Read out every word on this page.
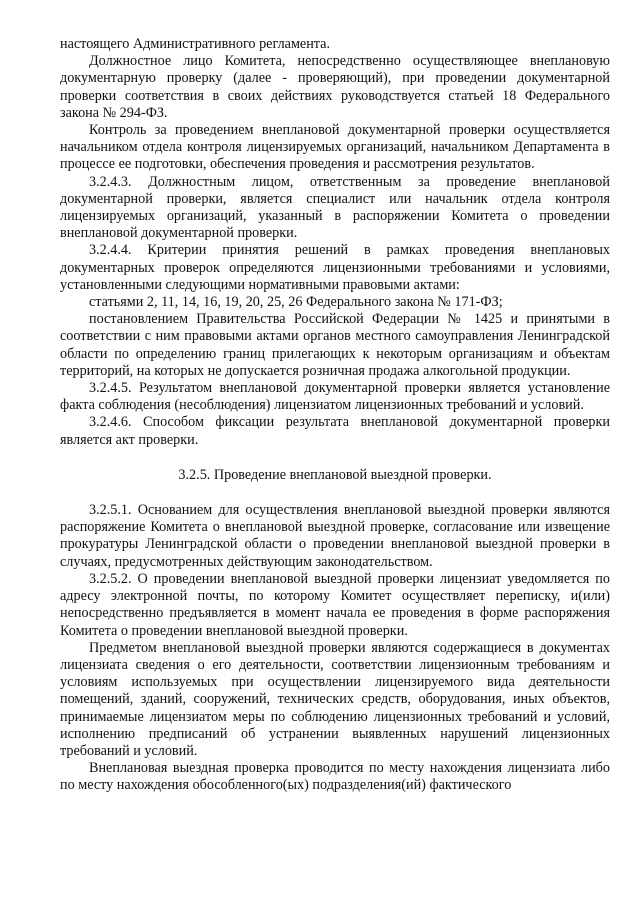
настоящего Административного регламента.

Должностное лицо Комитета, непосредственно осуществляющее внеплановую документарную проверку (далее - проверяющий), при проведении документарной проверки соответствия в своих действиях руководствуется статьей 18 Федерального закона № 294-ФЗ.

Контроль за проведением внеплановой документарной проверки осуществляется начальником отдела контроля лицензируемых организаций, начальником Департамента в процессе ее подготовки, обеспечения проведения и рассмотрения результатов.

3.2.4.3. Должностным лицом, ответственным за проведение внеплановой документарной проверки, является специалист или начальник отдела контроля лицензируемых организаций, указанный в распоряжении Комитета о проведении внеплановой документарной проверки.

3.2.4.4. Критерии принятия решений в рамках проведения внеплановых документарных проверок определяются лицензионными требованиями и условиями, установленными следующими нормативными правовыми актами:

статьями 2, 11, 14, 16, 19, 20, 25, 26 Федерального закона № 171-ФЗ;

постановлением Правительства Российской Федерации № 1425 и принятыми в соответствии с ним правовыми актами органов местного самоуправления Ленинградской области по определению границ прилегающих к некоторым организациям и объектам территорий, на которых не допускается розничная продажа алкогольной продукции.

3.2.4.5. Результатом внеплановой документарной проверки является установление факта соблюдения (несоблюдения) лицензиатом лицензионных требований и условий.

3.2.4.6. Способом фиксации результата внеплановой документарной проверки является акт проверки.

3.2.5. Проведение внеплановой выездной проверки.

3.2.5.1. Основанием для осуществления внеплановой выездной проверки являются распоряжение Комитета о внеплановой выездной проверке, согласование или извещение прокуратуры Ленинградской области о проведении внеплановой выездной проверки в случаях, предусмотренных действующим законодательством.

3.2.5.2. О проведении внеплановой выездной проверки лицензиат уведомляется по адресу электронной почты, по которому Комитет осуществляет переписку, и(или) непосредственно предъявляется в момент начала ее проведения в форме распоряжения Комитета о проведении внеплановой выездной проверки.

Предметом внеплановой выездной проверки являются содержащиеся в документах лицензиата сведения о его деятельности, соответствии лицензионным требованиям и условиям используемых при осуществлении лицензируемого вида деятельности помещений, зданий, сооружений, технических средств, оборудования, иных объектов, принимаемые лицензиатом меры по соблюдению лицензионных требований и условий, исполнению предписаний об устранении выявленных нарушений лицензионных требований и условий.

Внеплановая выездная проверка проводится по месту нахождения лицензиата либо по месту нахождения обособленного(ых) подразделения(ий) фактического
